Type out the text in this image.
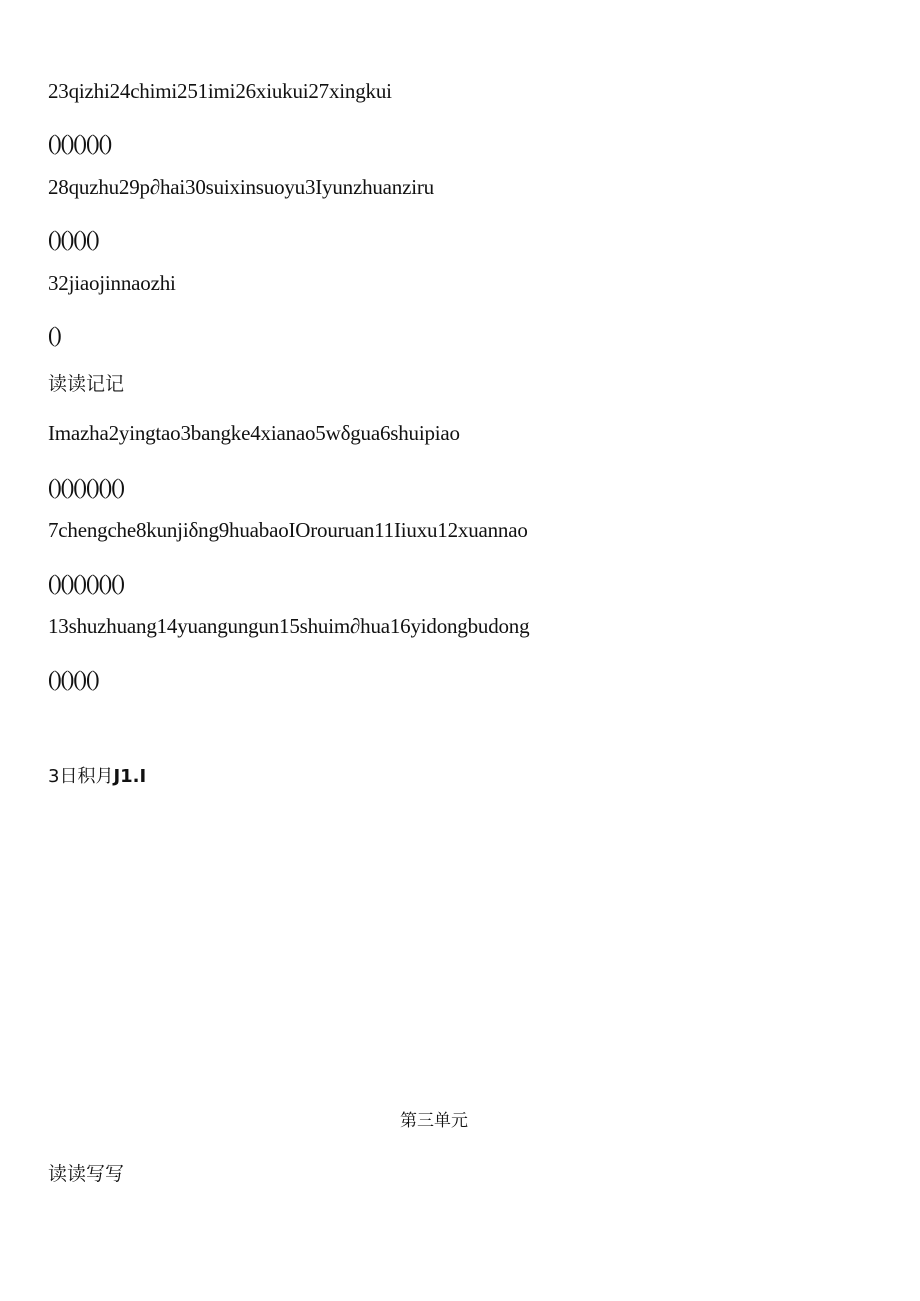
23qizhi24chimi251imi26xiukui27xingkui
()()()()()
28quzhu29p∂hai30suixinsuoyu3Iyunzhuanziru
()()()()
32jiaojinnaozhi
()
读读记记
Imazha2yingtao3bangke4xianao5wδgua6shuipiao
()()()()()()
7chengche8kunjiδng9huabaoIOrouruan11Iiuxu12xuannao
()()()()()()
13shuzhuang14yuangungun15shuim∂hua16yidongbudong
()()()()
3日积月J1.I
第三单元
读读写写
